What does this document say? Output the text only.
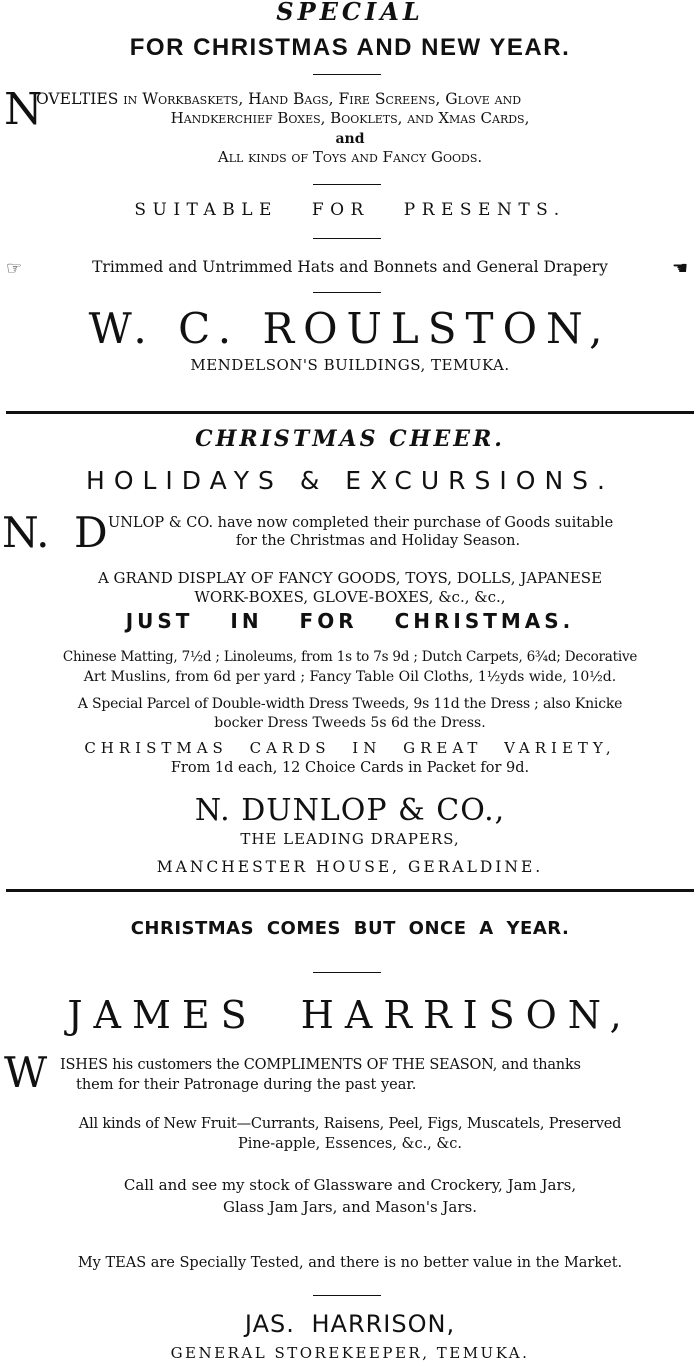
SPECIAL
FOR CHRISTMAS AND NEW YEAR.
N
OVELTIES in Workbaskets, Hand Bags, Fire Screens, Glove and
Handkerchief Boxes, Booklets, and Xmas Cards,
and
All kinds of Toys and Fancy Goods.
SUITABLE FOR PRESENTS.
☞	Trimmed and Untrimmed Hats and Bonnets and General Drapery	☚
W. C. ROULSTON,
MENDELSON'S BUILDINGS, TEMUKA.
CHRISTMAS CHEER.
HOLIDAYS & EXCURSIONS.
N. D UNLOP & CO. have now completed their purchase of Goods suitable
for the Christmas and Holiday Season.
A GRAND DISPLAY OF FANCY GOODS, TOYS, DOLLS, JAPANESE
WORK-BOXES, GLOVE-BOXES, &c., &c.,
JUST IN FOR CHRISTMAS.
Chinese Matting, 7½d ; Linoleums, from 1s to 7s 9d ; Dutch Carpets, 6¾d; Decorative
Art Muslins, from 6d per yard ; Fancy Table Oil Cloths, 1½yds wide, 10½d.
A Special Parcel of Double-width Dress Tweeds, 9s 11d the Dress ; also Knicke
bocker Dress Tweeds 5s 6d the Dress.
CHRISTMAS CARDS IN GREAT VARIETY,
From 1d each, 12 Choice Cards in Packet for 9d.
N. DUNLOP & CO.,
THE LEADING DRAPERS,
MANCHESTER HOUSE, GERALDINE.
CHRISTMAS COMES BUT ONCE A YEAR.
JAMES HARRISON,
W ISHES his customers the COMPLIMENTS OF THE SEASON, and thanks
them for their Patronage during the past year.
All kinds of New Fruit—Currants, Raisens, Peel, Figs, Muscatels, Preserved
Pine-apple, Essences, &c., &c.
Call and see my stock of Glassware and Crockery, Jam Jars,
Glass Jam Jars, and Mason's Jars.
My TEAS are Specially Tested, and there is no better value in the Market.
JAS. HARRISON,
GENERAL STOREKEEPER, TEMUKA.
